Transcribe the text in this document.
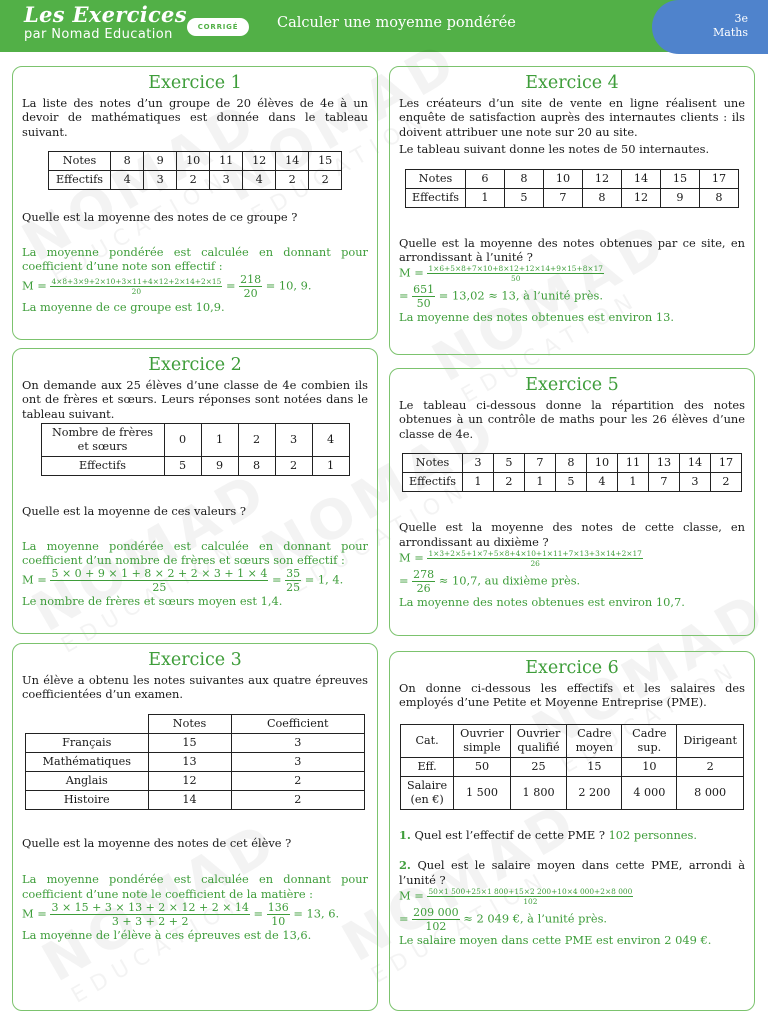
Les Exercices
par Nomad Education	CORRIGÉ	Calculer une moyenne pondérée	3e
Maths
Exercice 1

La liste des notes d’un groupe de 20 élèves de 4e à un devoir de mathématiques est donnée dans le tableau suivant.

Notes	8	9	10	11	12	14	15
Effectifs	4	3	2	3	4	2	2

Quelle est la moyenne des notes de ce groupe ?

La moyenne pondérée est calculée en donnant pour coefficient d’une note son effectif :

$M = \frac{4\times 8+3\times 9+2\times 10+3\times 11+4\times 12+2\times 14+2\times 15}{20} = \frac{218}{20} = 10$, 9.

La moyenne de ce groupe est 10,9.

Exercice 2

On demande aux 25 élèves d’une classe de 4e combien ils ont de frères et sœurs. Leurs réponses sont notées dans le tableau suivant.

Nombre de frères et sœurs	0	1	2	3	4
Effectifs	5	9	8	2	1

Quelle est la moyenne de ces valeurs ?

La moyenne pondérée est calculée en donnant pour coefficient d’un nombre de frères et sœurs son effectif :

$M = \frac{5 \times 0 + 9 \times 1 + 8 \times 2 + 2 \times 3 + 1 \times 4}{25} = \frac{35}{25} = 1$, 4.

Le nombre de frères et sœurs moyen est 1,4.

Exercice 3

Un élève a obtenu les notes suivantes aux quatre épreuves coefficientées d’un examen.

	Notes	Coefficient
Français	15	3
Mathématiques	13	3
Anglais	12	2
Histoire	14	2

Quelle est la moyenne des notes de cet élève ?

La moyenne pondérée est calculée en donnant pour coefficient d’une note le coefficient de la matière :

$M = \frac{3 \times 15 + 3 \times 13 + 2 \times 12 + 2 \times 14}{3 + 3 + 2 + 2} = \frac{136}{10} = 13$, 6.

La moyenne de l’élève à ces épreuves est de 13,6.

Exercice 4

Les créateurs d’un site de vente en ligne réalisent une enquête de satisfaction auprès des internautes clients : ils doivent attribuer une note sur 20 au site.

Le tableau suivant donne les notes de 50 internautes.

Notes	6	8	10	12	14	15	17
Effectifs	1	5	7	8	12	9	8

Quelle est la moyenne des notes obtenues par ce site, en arrondissant à l’unité ?

$M = \frac{1\times 6+5\times 8+7\times 10+8\times 12+12\times 14+9\times 15+8\times 17}{50}$
= $\frac{651}{50} = 13,02 \approx 13$, à l’unité près.

La moyenne des notes obtenues est environ 13.

Exercice 5

Le tableau ci-dessous donne la répartition des notes obtenues à un contrôle de maths pour les 26 élèves d’une classe de 4e.

Notes	3	5	7	8	10	11	13	14	17
Effectifs	1	2	1	5	4	1	7	3	2

Quelle est la moyenne des notes de cette classe, en arrondissant au dixième ?

$M = \frac{1\times 3+2\times 5+1\times 7+5\times 8+4\times 10+1\times 11+7\times 13+3\times 14+2\times 17}{26}$
= $\frac{278}{26} \approx 10,7$, au dixième près.

La moyenne des notes obtenues est environ 10,7.

Exercice 6

On donne ci-dessous les effectifs et les salaires des employés d’une Petite et Moyenne Entreprise (PME).

Cat.	Ouvrier simple	Ouvrier qualifié	Cadre moyen	Cadre sup.	Dirigeant
Eff.	50	25	15	10	2
Salaire (en €)	1 500	1 800	2 200	4 000	8 000

1. Quel est l’effectif de cette PME ? 102 personnes.

2. Quel est le salaire moyen dans cette PME, arrondi à l’unité ?

$M = \frac{50\times 1 500+25\times 1 800+15\times 2 200+10\times 4 000+2\times 8 000}{102}$
= $\frac{209 000}{102} \approx 2$ 049 €, à l’unité près.

Le salaire moyen dans cette PME est environ 2 049 €.
